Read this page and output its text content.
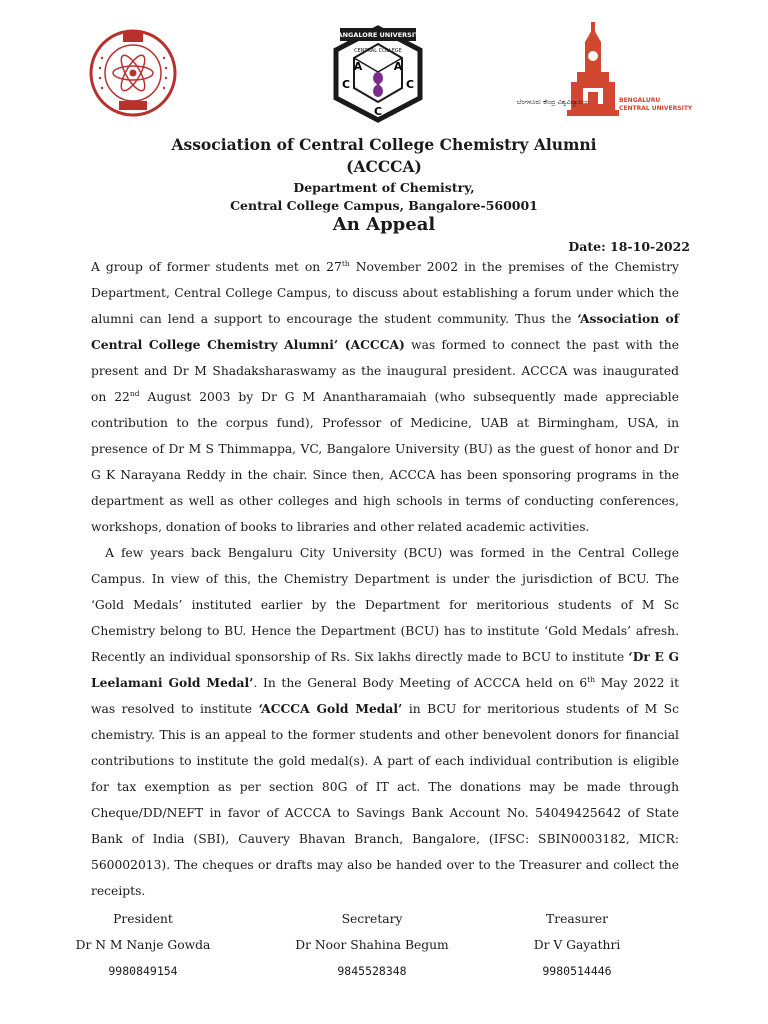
BANGALORE UNIVERSITY
CENTRAL COLLEGE
A
C
C
C
A
ಬೆಂಗಳೂರು ಕೇಂದ್ರ ವಿಶ್ವವಿದ್ಯಾಲಯ	BENGALURU
CENTRAL UNIVERSITY
Association of Central College Chemistry Alumni
(ACCCA)
Department of Chemistry,
Central College Campus, Bangalore-560001
An Appeal
Date: 18-10-2022

A group of former students met on 27th November 2002 in the premises of the Chemistry Department, Central College Campus, to discuss about establishing a forum under which the alumni can lend a support to encourage the student community. Thus the ‘Association of Central College Chemistry Alumni’ (ACCCA) was formed to connect the past with the present and Dr M Shadaksharaswamy as the inaugural president. ACCCA was inaugurated on 22nd August 2003 by Dr G M Anantharamaiah (who subsequently made appreciable contribution to the corpus fund), Professor of Medicine, UAB at Birmingham, USA, in presence of Dr M S Thimmappa, VC, Bangalore University (BU) as the guest of honor and Dr G K Narayana Reddy in the chair. Since then, ACCCA has been sponsoring programs in the department as well as other colleges and high schools in terms of conducting conferences, workshops, donation of books to libraries and other related academic activities.

A few years back Bengaluru City University (BCU) was formed in the Central College Campus. In view of this, the Chemistry Department is under the jurisdiction of BCU. The ‘Gold Medals’ instituted earlier by the Department for meritorious students of M Sc Chemistry belong to BU. Hence the Department (BCU) has to institute ‘Gold Medals’ afresh. Recently an individual sponsorship of Rs. Six lakhs directly made to BCU to institute ‘Dr E G Leelamani Gold Medal’. In the General Body Meeting of ACCCA held on 6th May 2022 it was resolved to institute ‘ACCCA Gold Medal’ in BCU for meritorious students of M Sc chemistry. This is an appeal to the former students and other benevolent donors for financial contributions to institute the gold medal(s). A part of each individual contribution is eligible for tax exemption as per section 80G of IT act. The donations may be made through Cheque/DD/NEFT in favor of ACCCA to Savings Bank Account No. 54049425642 of State Bank of India (SBI), Cauvery Bhavan Branch, Bangalore, (IFSC: SBIN0003182, MICR: 560002013). The cheques or drafts may also be handed over to the Treasurer and collect the receipts.

President
Dr N M Nanje Gowda
9980849154
Secretary
Dr Noor Shahina Begum
9845528348
Treasurer
Dr V Gayathri
9980514446
